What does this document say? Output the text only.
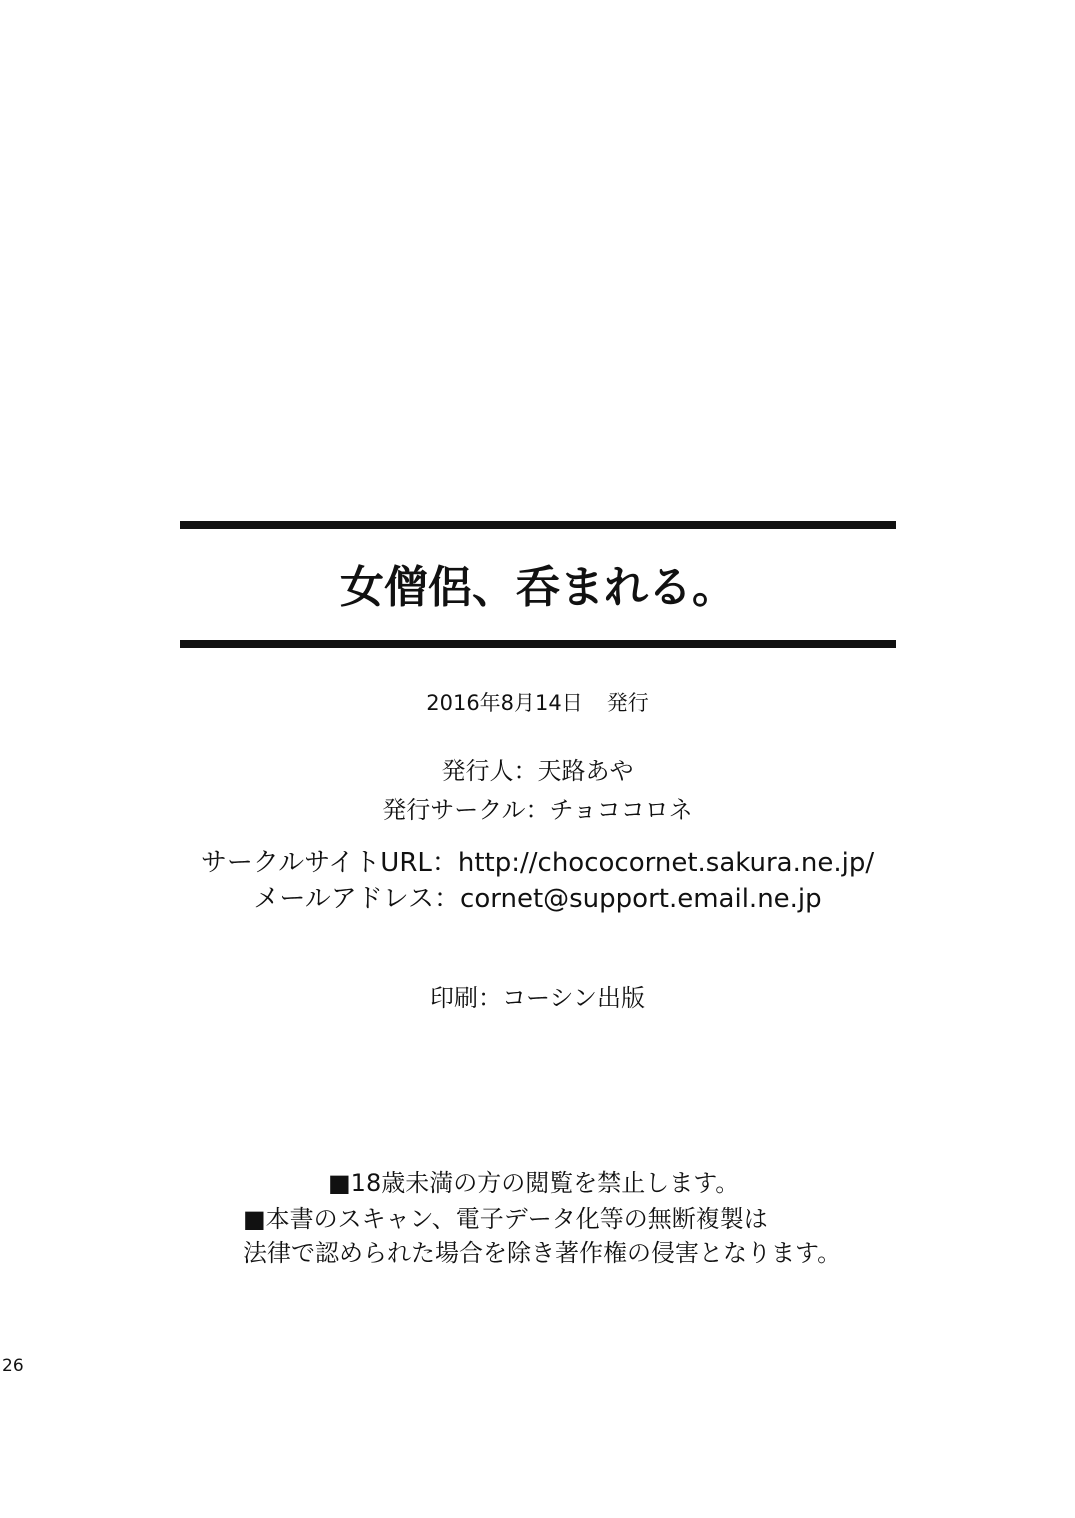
女僧侶、呑まれる。
2016年8月14日 発行
発行人：天路あや
発行サークル：チョココロネ
サークルサイトURL：http://chococornet.sakura.ne.jp/
メールアドレス：cornet@support.email.ne.jp
印刷：コーシン出版
■18歳未満の方の閲覧を禁止します。
■本書のスキャン、電子データ化等の無断複製は
法律で認められた場合を除き著作権の侵害となります。
26
